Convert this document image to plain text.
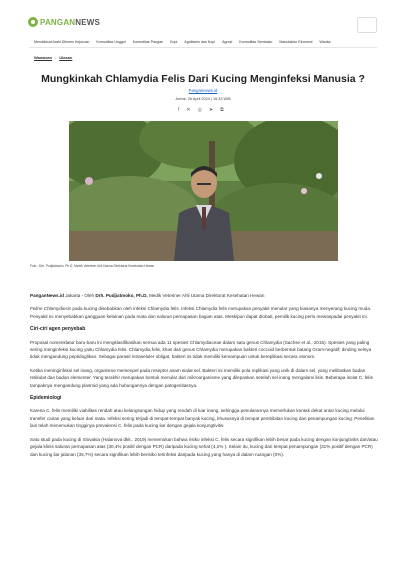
PANGANNEWS
Mendikbud Arahi Dikmen Kejuruan Komoditas Unggul Komoditas Pangan Kopi Agribisnis dan Kopi Agrosi Komoditas Sembako Manufaktur Ekonomi Wanita
Wawasan / Ulasan
Mungkinkah Chlamydia Felis Dari Kucing Menginfeksi Manusia ?
Pangannews.id
Jumat, 26 April 2024 | 16:33 WIB
f ✕ ◎ ➤ ⧉
Foto : Drh. Pudjiatmoko, Ph.D, Medik Veteriner Ahli Utama Direktorat Kesehatan Hewan.

PanganNews.id Jakarta - Oleh Drh. Pudjiatmoko, Ph.D, Medik Veteriner Ahli Utama Direktorat Kesehatan Hewan

Feline Chlamydiosis pada kucing disebabkan oleh infeksi Chlamydia felis. Infeksi Chlamydia felis merupakan penyakit menular yang biasanya menyerang kucing muda. Penyakit ini menyebabkan gangguan kelainan pada mata dan saluran pernapasan bagian atas. Meskipun dapat diobati, pemilik kucing perlu mewaspadai penyakit ini.

Ciri-ciri agen penyebab

Proposal nomenklatur baru-baru ini mengklasifikasikan semua ada 11 spesies Chlamydiaceae dalam satu genus Chlamydia (Sachse et al., 2015). Spesies yang paling sering menginfeksi kucing yaitu Chlamydia felis. Chlamydia felis, khas dari genus Chlamydia merupakan bakteri coccoid berbentuk batang Gram-negatif; dinding selnya tidak mengandung peptidoglikan. Sebagai parasit intraseluler obligat, bakteri ini tidak memiliki kemampuan untuk bereplikasi secara otonom.

Ketika meninginfeksi sel inang, organisme memenpel pada reseptor asam sialat sel. Bakteri ini memiliki pola replikasi yang unik di dalam sel, yang melibatkan badan retikulat dan badan elementer. Yang terakhir merupakan bentuk menular dari mikroorganisme yang dilepaskan setelah sel inang mengalami lisis. Beberapa isolat C. felis tampaknya mengandung plasmid yang ada hubungannya dengan patogenitasnya.

Epidemiologi

Karena C. felis memiliki viabilitas rendah atau kelangsungan hidup yang rendah di luar inang, sehingga penularannya memerlukan kontak dekat antar kucing melalui transfer cairan yang keluar dari mata. Infeksi sering terjadi di tempat-tempat banyak kucing, khususnya di tempat pembibitan kucing dan penampungan kucing. Penelitian lain telah menemukan tingginya prevalensi C. felis pada kucing liar dengan gejala konjungtivitis.

Satu studi pada kucing di Slovakia (Halanova dkk., 2019) menemukan bahwa risiko infeksi C. felis secara signifikan lebih besar pada kucing dengan konjungtivitis dan/atau gejala klinis saluran pernapasan atas (30,4% positif dengan PCR) daripada kucing sehat (4,2% ). Selain itu, kucing dari tempat penampungan (31% positif dengan PCR) dan kucing liar jalanan (35,7%) secara signifikan lebih berisiko terinfeksi daripada kucing yang hanya di dalam ruangan (0%).
